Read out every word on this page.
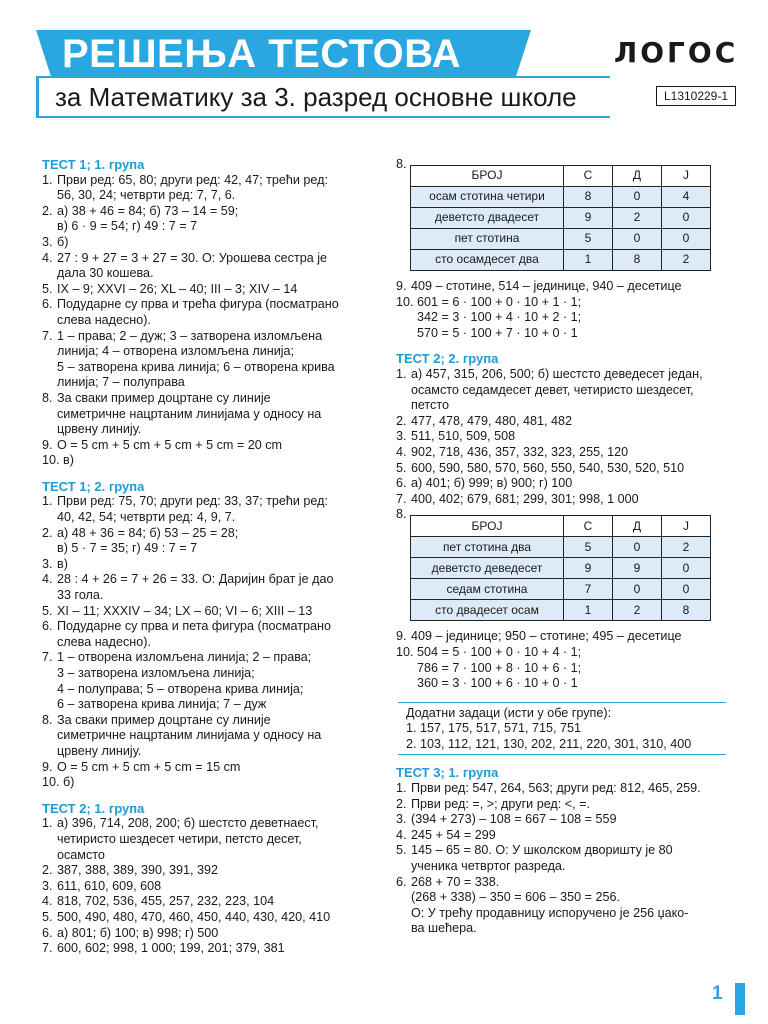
РЕШЕЊА ТЕСТОВА
за Математику за 3. разред основне школе
ЛОГОС
L1310229-1
ТЕСТ 1; 1. група
1. Први ред: 65, 80; други ред: 42, 47; трећи ред:
56, 30, 24; четврти ред: 7, 7, 6.
2. а) 38 + 46 = 84; б) 73 – 14 = 59;
в) 6 · 9 = 54; г) 49 : 7 = 7
3. б)
4. 27 : 9 + 27 = 3 + 27 = 30. О: Урошева сестра је
дала 30 кошева.
5. IX – 9; XXVI – 26; XL – 40; III – 3; XIV – 14
6. Подударне су прва и трећа фигура (посматрано
слева надесно).
7. 1 – права; 2 – дуж; 3 – затворена изломљена
линија; 4 – отворена изломљена линија;
5 – затворена крива линија; 6 – отворена крива
линија; 7 – полуправа
8. За сваки пример доцртане су линије
симетричне нацртаним линијама у односу на
црвену линију.
9. O = 5 cm + 5 cm + 5 cm + 5 cm = 20 cm
10. в)
ТЕСТ 1; 2. група
1. Први ред: 75, 70; други ред: 33, 37; трећи ред:
40, 42, 54; четврти ред: 4, 9, 7.
2. а) 48 + 36 = 84; б) 53 – 25 = 28;
в) 5 · 7 = 35; г) 49 : 7 = 7
3. в)
4. 28 : 4 + 26 = 7 + 26 = 33. О: Даријин брат је дао
33 гола.
5. XI – 11; XXXIV – 34; LX – 60; VI – 6; XIII – 13
6. Подударне су прва и пета фигура (посматрано
слева надесно).
7. 1 – отворена изломљена линија; 2 – права;
3 – затворена изломљена линија;
4 – полуправа; 5 – отворена крива линија;
6 – затворена крива линија; 7 – дуж
8. За сваки пример доцртане су линије
симетричне нацртаним линијама у односу на
црвену линију.
9. O = 5 cm + 5 cm + 5 cm = 15 cm
10. б)
ТЕСТ 2; 1. група
1. а) 396, 714, 208, 200; б) шестсто деветнаест,
четиристо шездесет четири, петсто десет,
осамсто
2. 387, 388, 389, 390, 391, 392
3. 611, 610, 609, 608
4. 818, 702, 536, 455, 257, 232, 223, 104
5. 500, 490, 480, 470, 460, 450, 440, 430, 420, 410
6. а) 801; б) 100; в) 998; г) 500
7. 600, 602; 998, 1 000; 199, 201; 379, 381
8.
БРОЈ	С	Д	Ј
осам стотина четири	8	0	4
деветсто двадесет	9	2	0
пет стотина	5	0	0
сто осамдесет два	1	8	2
9. 409 – стотине, 514 – јединице, 940 – десетице
10. 601 = 6 · 100 + 0 · 10 + 1 · 1;
342 = 3 · 100 + 4 · 10 + 2 · 1;
570 = 5 · 100 + 7 · 10 + 0 · 1
ТЕСТ 2; 2. група
1. а) 457, 315, 206, 500; б) шестсто деведесет један,
осамсто седамдесет девет, четиристо шездесет,
петсто
2. 477, 478, 479, 480, 481, 482
3. 511, 510, 509, 508
4. 902, 718, 436, 357, 332, 323, 255, 120
5. 600, 590, 580, 570, 560, 550, 540, 530, 520, 510
6. а) 401; б) 999; в) 900; г) 100
7. 400, 402; 679, 681; 299, 301; 998, 1 000
8.
БРОЈ	С	Д	Ј
пет стотина два	5	0	2
деветсто деведесет	9	9	0
седам стотина	7	0	0
сто двадесет осам	1	2	8
9. 409 – јединице; 950 – стотине; 495 – десетице
10. 504 = 5 · 100 + 0 · 10 + 4 · 1;
786 = 7 · 100 + 8 · 10 + 6 · 1;
360 = 3 · 100 + 6 · 10 + 0 · 1
Додатни задаци (исти у обе групе):
1. 157, 175, 517, 571, 715, 751
2. 103, 112, 121, 130, 202, 211, 220, 301, 310, 400
ТЕСТ 3; 1. група
1. Први ред: 547, 264, 563; други ред: 812, 465, 259.
2. Први ред: =, >; други ред: <, =.
3. (394 + 273) – 108 = 667 – 108 = 559
4. 245 + 54 = 299
5. 145 – 65 = 80. О: У школском дворишту је 80
ученика четвртог разреда.
6. 268 + 70 = 338.
(268 + 338) – 350 = 606 – 350 = 256.
О: У трећу продавницу испоручено је 256 џако-
ва шећера.
1
